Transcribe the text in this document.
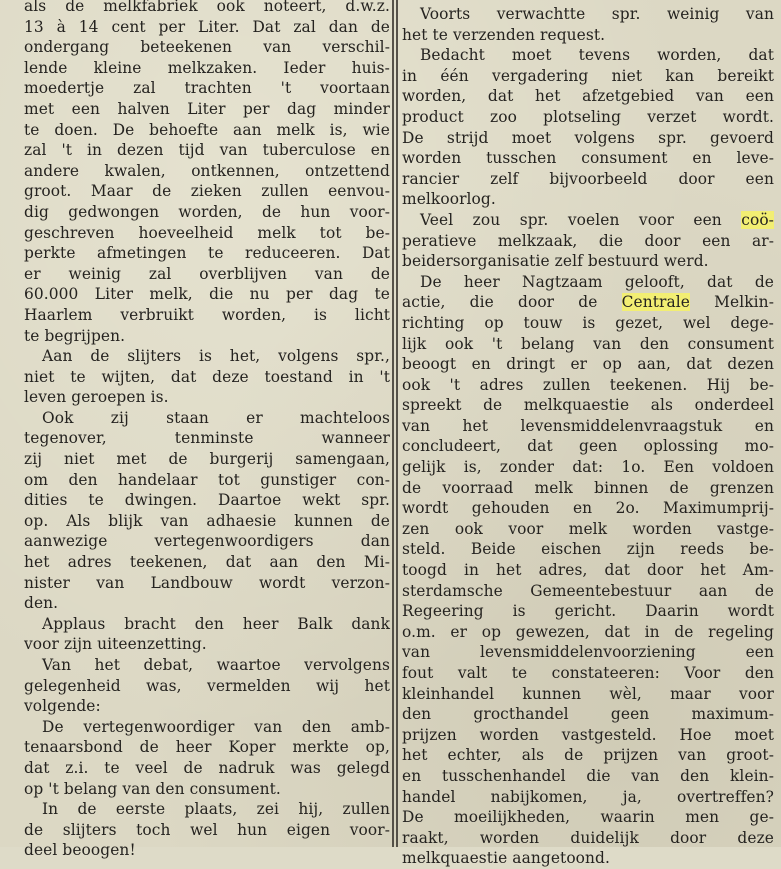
als de melkfabriek ook noteert, d.w.z.
13 à 14 cent per Liter. Dat zal dan de
ondergang beteekenen van verschil-
lende kleine melkzaken. Ieder huis-
moedertje zal trachten 't voortaan
met een halven Liter per dag minder
te doen. De behoefte aan melk is, wie
zal 't in dezen tijd van tuberculose en
andere kwalen, ontkennen, ontzettend
groot. Maar de zieken zullen eenvou-
dig gedwongen worden, de hun voor-
geschreven hoeveelheid melk tot be-
perkte afmetingen te reduceeren. Dat
er weinig zal overblijven van de
60.000 Liter melk, die nu per dag te
Haarlem verbruikt worden, is licht
te begrijpen.
Aan de slijters is het, volgens spr.,
niet te wijten, dat deze toestand in 't
leven geroepen is.
Ook zij staan er machteloos
tegenover, tenminste wanneer
zij niet met de burgerij samengaan,
om den handelaar tot gunstiger con-
dities te dwingen. Daartoe wekt spr.
op. Als blijk van adhaesie kunnen de
aanwezige vertegenwoordigers dan
het adres teekenen, dat aan den Mi-
nister van Landbouw wordt verzon-
den.
Applaus bracht den heer Balk dank
voor zijn uiteenzetting.
Van het debat, waartoe vervolgens
gelegenheid was, vermelden wij het
volgende:
De vertegenwoordiger van den amb-
tenaarsbond de heer Koper merkte op,
dat z.i. te veel de nadruk was gelegd
op 't belang van den consument.
In de eerste plaats, zei hij, zullen
de slijters toch wel hun eigen voor-
deel beoogen!
Voorts verwachtte spr. weinig van
het te verzenden request.
Bedacht moet tevens worden, dat
in één vergadering niet kan bereikt
worden, dat het afzetgebied van een
product zoo plotseling verzet wordt.
De strijd moet volgens spr. gevoerd
worden tusschen consument en leve-
rancier zelf bijvoorbeeld door een
melkoorlog.
Veel zou spr. voelen voor een coö-
peratieve melkzaak, die door een ar-
beidersorganisatie zelf bestuurd werd.
De heer Nagtzaam gelooft, dat de
actie, die door de Centrale Melkin-
richting op touw is gezet, wel dege-
lijk ook 't belang van den consument
beoogt en dringt er op aan, dat dezen
ook 't adres zullen teekenen. Hij be-
spreekt de melkquaestie als onderdeel
van het levensmiddelenvraagstuk en
concludeert, dat geen oplossing mo-
gelijk is, zonder dat: 1o. Een voldoen
de voorraad melk binnen de grenzen
wordt gehouden en 2o. Maximumprij-
zen ook voor melk worden vastge-
steld. Beide eischen zijn reeds be-
toogd in het adres, dat door het Am-
sterdamsche Gemeentebestuur aan de
Regeering is gericht. Daarin wordt
o.m. er op gewezen, dat in de regeling
van levensmiddelenvoorziening een
fout valt te constateeren: Voor den
kleinhandel kunnen wèl, maar voor
den grocthandel geen maximum-
prijzen worden vastgesteld. Hoe moet
het echter, als de prijzen van groot-
en tusschenhandel die van den klein-
handel nabijkomen, ja, overtreffen?
De moeilijkheden, waarin men ge-
raakt, worden duidelijk door deze
melkquaestie aangetoond.
